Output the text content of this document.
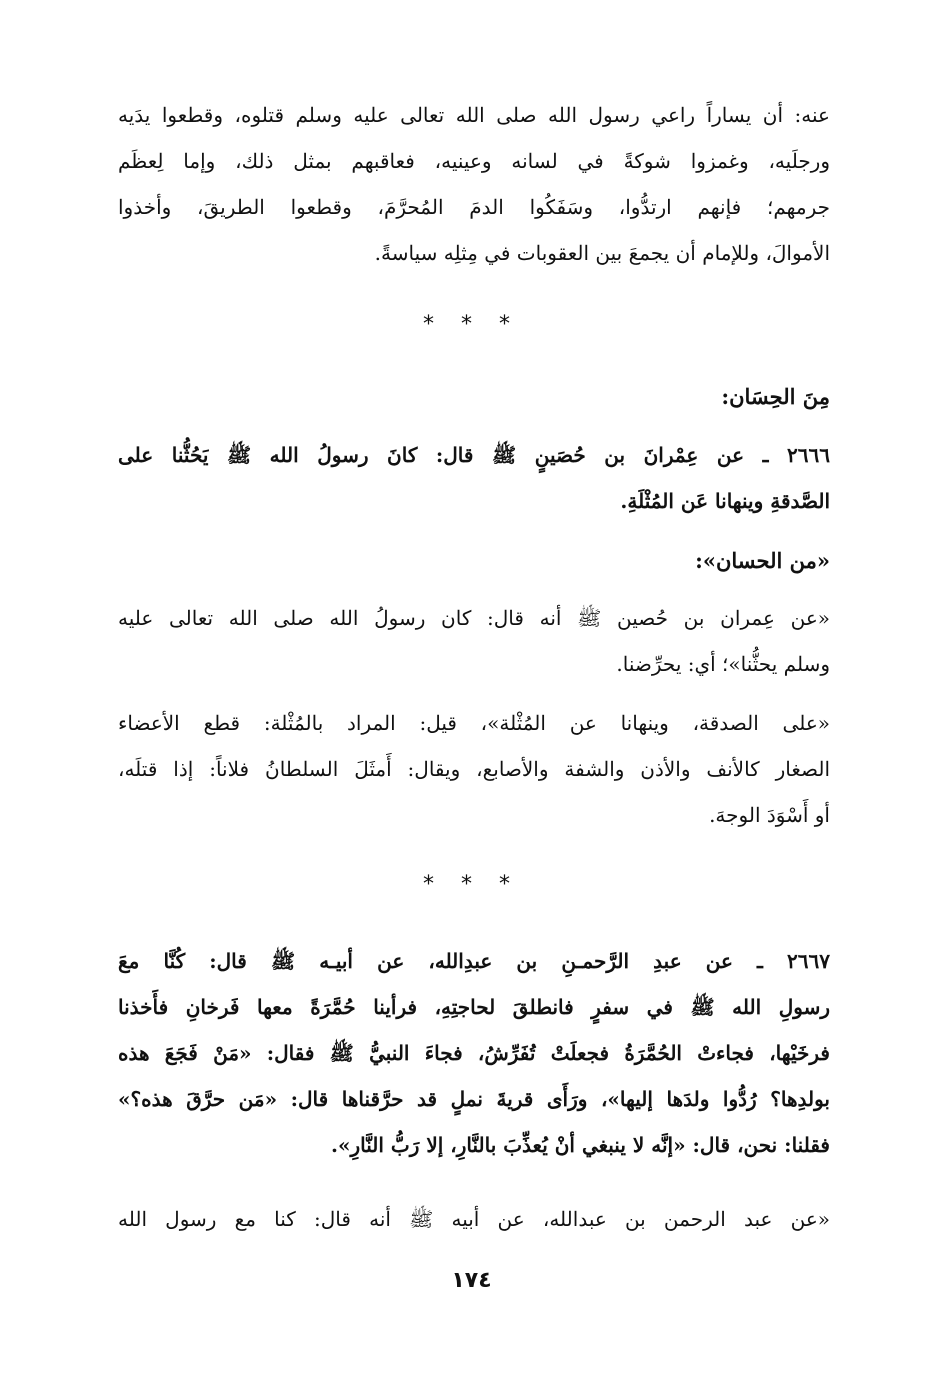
عنه: أن يساراً راعي رسول الله صلى الله تعالى عليه وسلم قتلوه، وقطعوا يدَيه
ورجلَيه، وغمزوا شوكةً في لسانه وعينيه، فعاقبهم بمثل ذلك، وإما لِعظَم
جرمهم؛ فإنهم ارتدُّوا، وسَفَكُوا الدمَ المُحرَّمَ، وقطعوا الطريقَ، وأخذوا
الأموالَ، وللإمام أن يجمعَ بين العقوبات في مِثلِه سياسةً.
* * *
مِنَ الحِسَان:
٢٦٦٦ ـ عن عِمْرانَ بن حُصَينٍ ﷺ قال: كانَ رسولُ الله ﷺ يَحُثُّنا على
الصَّدقةِ وينهانا عَن المُثْلَةِ.
«من الحسان»:
«عن عِمران بن حُصين ﷺ أنه قال: كان رسولُ الله صلى الله تعالى عليه
وسلم يحثُّنا»؛ أي: يحرِّضنا.
«على الصدقة، وينهانا عن المُثْلة»، قيل: المراد بالمُثْلة: قطع الأعضاء
الصغار كالأنف والأذن والشفة والأصابع، ويقال: أَمثَلَ السلطانُ فلاناً: إذا قتلَه،
أو أَسْوَدَ الوجهَ.
* * *
٢٦٦٧ ـ عن عبدِ الرَّحمـنِ بن عبدِالله، عن أبيـه ﷺ قال: كُنَّا معَ
رسولِ الله ﷺ في سفرٍ فانطلقَ لحاجتِهِ، فرأينا حُمَّرَةً معها فَرخانِ فأَخذنا
فرخَيْها، فجاءتْ الحُمَّرَةُ فجعلَتْ تُفَرِّشُ، فجاءَ النبيُّ ﷺ فقال: «مَنْ فَجَعَ هذه
بولدِها؟ رُدُّوا ولدَها إليها»، ورَأَى قريةَ نملٍ قد حرَّقناها قال: «مَن حرَّقَ هذه؟»
فقلنا: نحن، قال: «إنَّه لا ينبغي أنْ يُعذِّبَ بالنَّارِ، إلا رَبُّ النَّارِ».
«عن عبد الرحمن بن عبدالله، عن أبيه ﷺ أنه قال: كنا مع رسول الله
١٧٤
